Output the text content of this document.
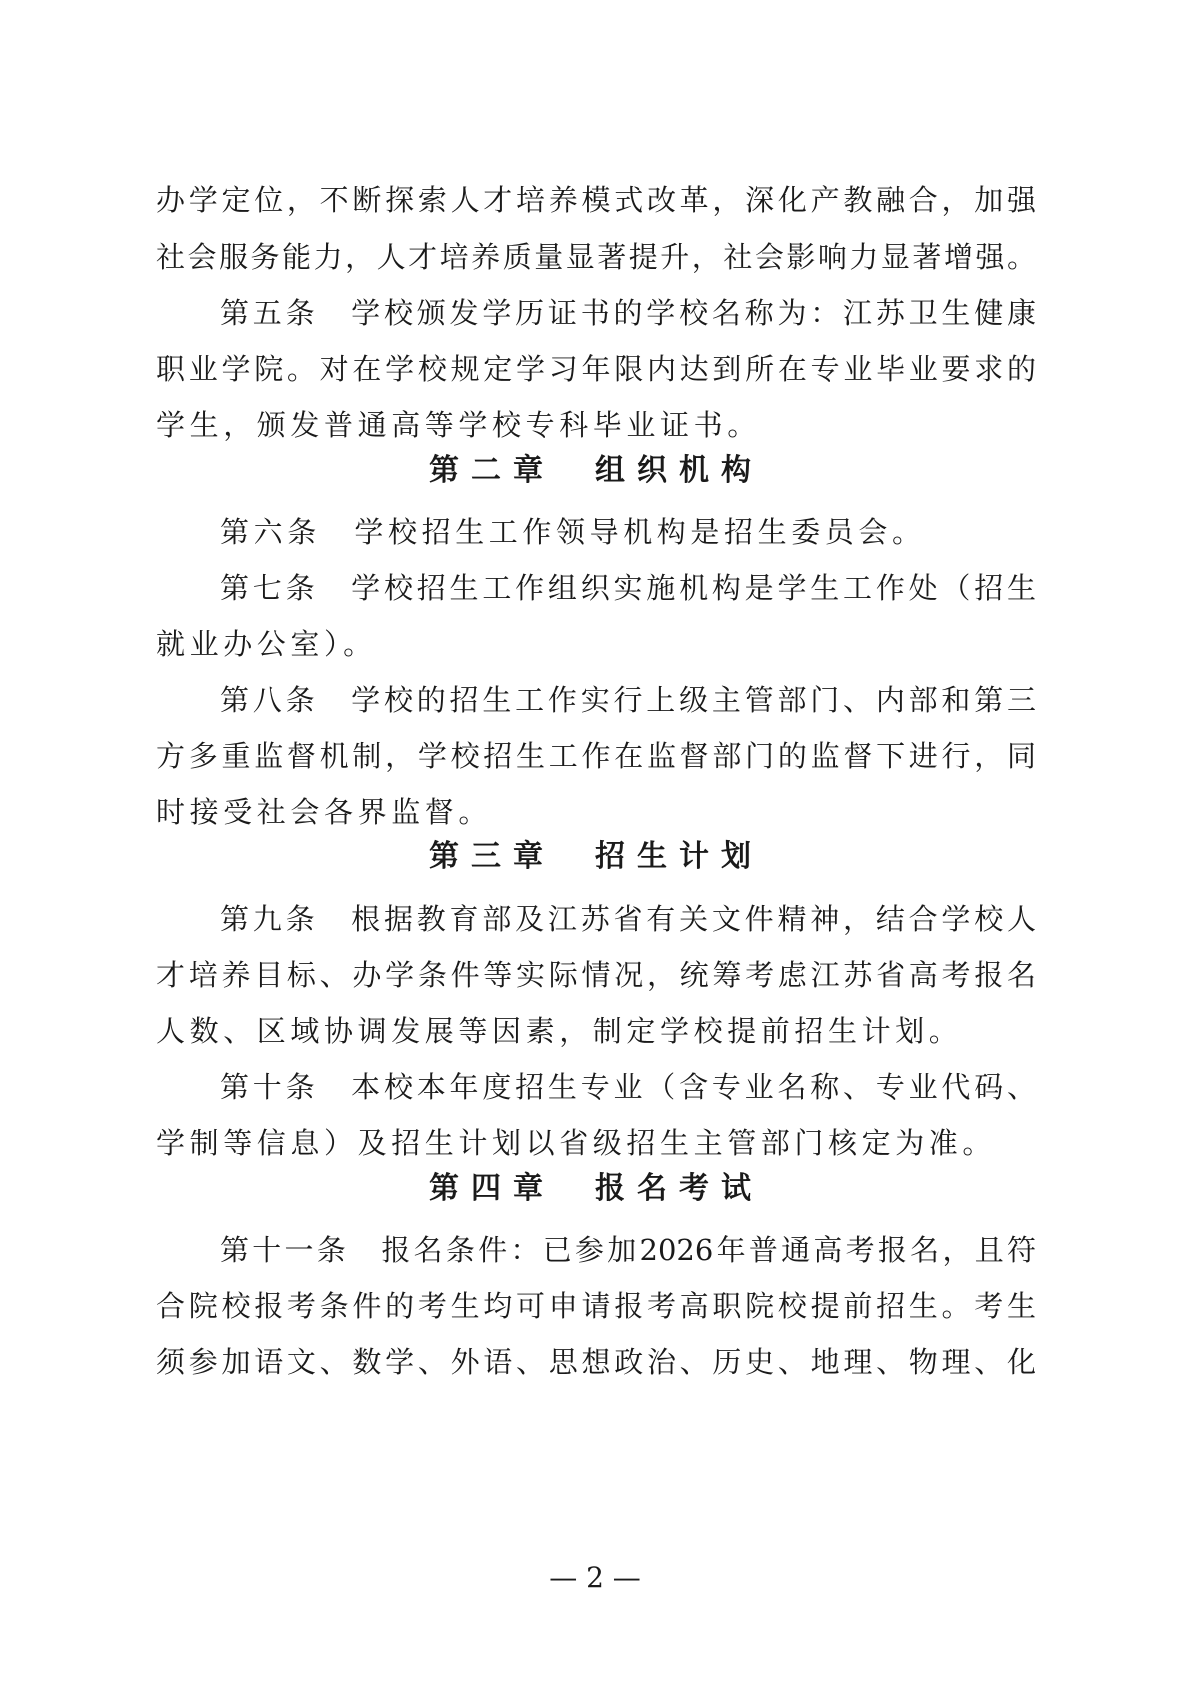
办学定位，不断探索人才培养模式改革，深化产教融合，加强
社会服务能力，人才培养质量显著提升，社会影响力显著增强。
第五条　学校颁发学历证书的学校名称为：江苏卫生健康
职业学院。对在学校规定学习年限内达到所在专业毕业要求的
学生，颁发普通高等学校专科毕业证书。
第二章 组织机构
第六条　学校招生工作领导机构是招生委员会。
第七条　学校招生工作组织实施机构是学生工作处（招生
就业办公室）。
第八条　学校的招生工作实行上级主管部门、内部和第三
方多重监督机制，学校招生工作在监督部门的监督下进行，同
时接受社会各界监督。
第三章 招生计划
第九条　根据教育部及江苏省有关文件精神，结合学校人
才培养目标、办学条件等实际情况，统筹考虑江苏省高考报名
人数、区域协调发展等因素，制定学校提前招生计划。
第十条　本校本年度招生专业（含专业名称、专业代码、
学制等信息）及招生计划以省级招生主管部门核定为准。
第四章 报名考试
第十一条　报名条件：已参加2026年普通高考报名，且符
合院校报考条件的考生均可申请报考高职院校提前招生。考生
须参加语文、数学、外语、思想政治、历史、地理、物理、化
— 2 —
